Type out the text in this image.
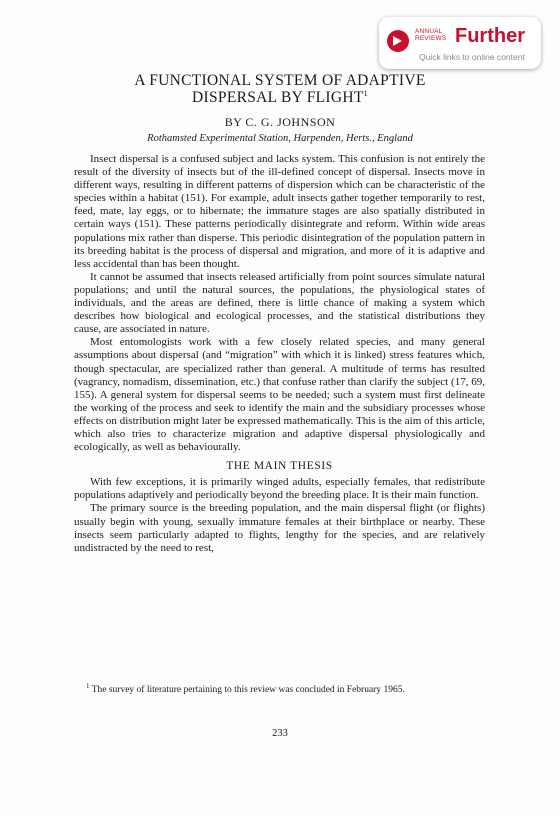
ANNUAL REVIEWS Further
Quick links to online content
A FUNCTIONAL SYSTEM OF ADAPTIVE
DISPERSAL BY FLIGHT$^1$
BY C. G. JOHNSON
Rothamsted Experimental Station, Harpenden, Herts., England

Insect dispersal is a confused subject and lacks system. This confusion is not entirely the result of the diversity of insects but of the ill-defined concept of dispersal. Insects move in different ways, resulting in different patterns of dispersion which can be characteristic of the species within a habitat (151). For example, adult insects gather together temporarily to rest, feed, mate, lay eggs, or to hibernate; the immature stages are also spatially distributed in certain ways (151). These patterns periodically disintegrate and reform. Within wide areas populations mix rather than disperse. This periodic disintegration of the population pattern in its breeding habitat is the process of dispersal and migration, and more of it is adaptive and less accidental than has been thought.

It cannot be assumed that insects released artificially from point sources simulate natural populations; and until the natural sources, the populations, the physiological states of individuals, and the areas are defined, there is little chance of making a system which describes how biological and ecological processes, and the statistical distributions they cause, are associated in nature.

Most entomologists work with a few closely related species, and many general assumptions about dispersal (and “migration” with which it is linked) stress features which, though spectacular, are specialized rather than general. A multitude of terms has resulted (vagrancy, nomadism, dissemination, etc.) that confuse rather than clarify the subject (17, 69, 155). A general system for dispersal seems to be needed; such a system must first delineate the working of the process and seek to identify the main and the subsidiary processes whose effects on distribution might later be expressed mathematically. This is the aim of this article, which also tries to characterize migration and adaptive dispersal physiologically and ecologically, as well as behaviourally.

THE MAIN THESIS

With few exceptions, it is primarily winged adults, especially females, that redistribute populations adaptively and periodically beyond the breeding place. It is their main function.

The primary source is the breeding population, and the main dispersal flight (or flights) usually begin with young, sexually immature females at their birthplace or nearby. These insects seem particularly adapted to flights, lengthy for the species, and are relatively undistracted by the need to rest,

$^1$ The survey of literature pertaining to this review was concluded in February 1965.
233
